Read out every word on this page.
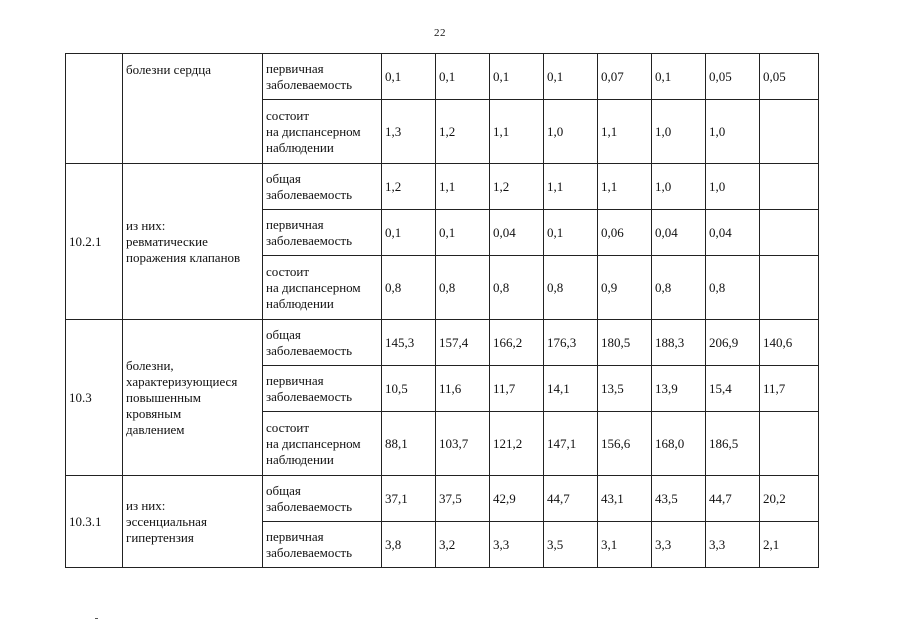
22

	болезни сердца	первичная
заболеваемость	0,1	0,1	0,1	0,1	0,07	0,1	0,05	0,05

		состоит
на диспансерном
наблюдении	1,3	1,2	1,1	1,0	1,1	1,0	1,0	
10.2.1	из них:
ревматические
поражения клапанов	общая
заболеваемость	1,2	1,1	1,2	1,1	1,1	1,0	1,0	

		первичная
заболеваемость	0,1	0,1	0,04	0,1	0,06	0,04	0,04	

		состоит
на диспансерном
наблюдении	0,8	0,8	0,8	0,8	0,9	0,8	0,8	
10.3	болезни,
характеризующиеся
повышенным
кровяным
давлением	общая
заболеваемость	145,3	157,4	166,2	176,3	180,5	188,3	206,9	140,6

		первичная
заболеваемость	10,5	11,6	11,7	14,1	13,5	13,9	15,4	11,7

		состоит
на диспансерном
наблюдении	88,1	103,7	121,2	147,1	156,6	168,0	186,5	
10.3.1	из них:
эссенциальная
гипертензия	общая
заболеваемость	37,1	37,5	42,9	44,7	43,1	43,5	44,7	20,2

		первичная
заболеваемость	3,8	3,2	3,3	3,5	3,1	3,3	3,3	2,1
